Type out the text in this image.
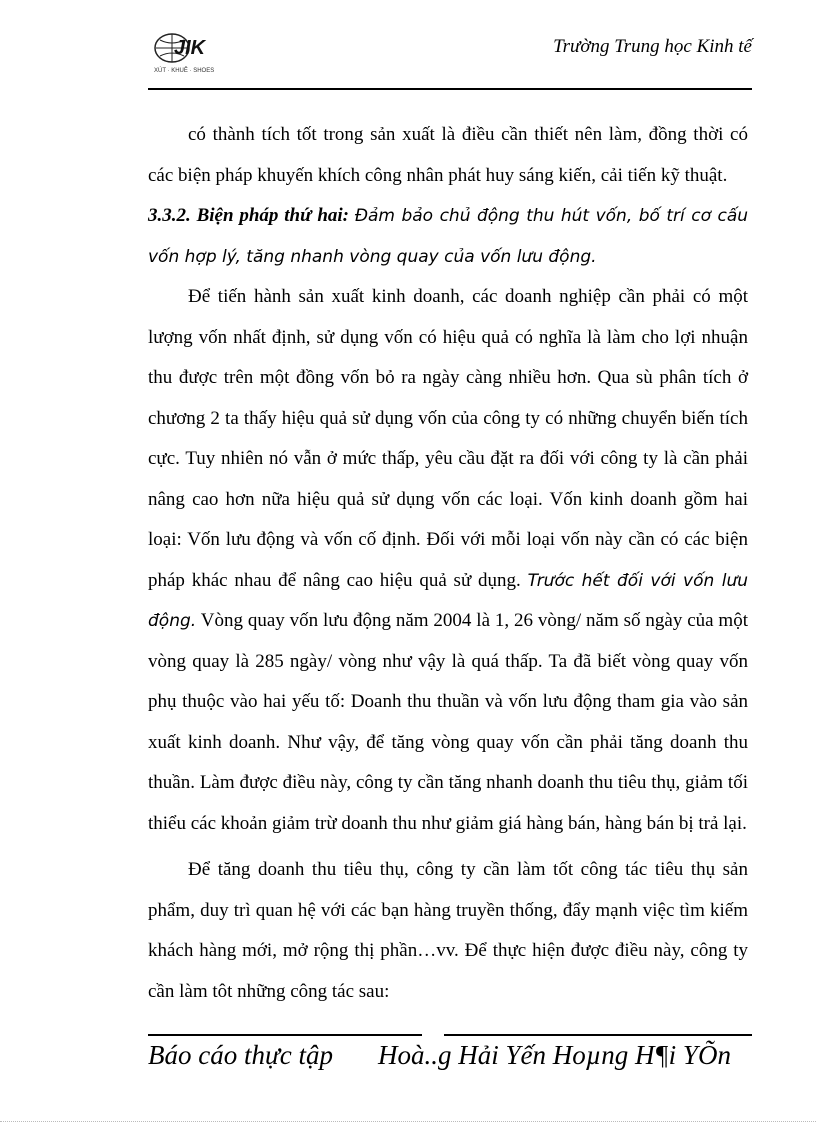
JIK
XÚT · KHUÊ · SHOES
Trường Trung học Kinh tế

có thành tích tốt trong sản xuất là điều cần thiết nên làm, đồng thời có các biện pháp khuyến khích công nhân phát huy sáng kiến, cải tiến kỹ thuật.

3.3.2. Biện pháp thứ hai: Đảm bảo chủ động thu hút vốn, bố trí cơ cấu vốn hợp lý, tăng nhanh vòng quay của vốn lưu động.

Để tiến hành sản xuất kinh doanh, các doanh nghiệp cần phải có một lượng vốn nhất định, sử dụng vốn có hiệu quả có nghĩa là làm cho lợi nhuận thu được trên một đồng vốn bỏ ra ngày càng nhiều hơn. Qua sù phân tích ở chương 2 ta thấy hiệu quả sử dụng vốn của công ty có những chuyển biến tích cực. Tuy nhiên nó vẫn ở mức thấp, yêu cầu đặt ra đối với công ty là cần phải nâng cao hơn nữa hiệu quả sử dụng vốn các loại. Vốn kinh doanh gồm hai loại: Vốn lưu động và vốn cố định. Đối với mỗi loại vốn này cần có các biện pháp khác nhau để nâng cao hiệu quả sử dụng. Trước hết đối với vốn lưu động. Vòng quay vốn lưu động năm 2004 là 1, 26 vòng/ năm số ngày của một vòng quay là 285 ngày/ vòng như vậy là quá thấp. Ta đã biết vòng quay vốn phụ thuộc vào hai yếu tố: Doanh thu thuần và vốn lưu động tham gia vào sản xuất kinh doanh. Như vậy, để tăng vòng quay vốn cần phải tăng doanh thu thuần. Làm được điều này, công ty cần tăng nhanh doanh thu tiêu thụ, giảm tối thiểu các khoản giảm trừ doanh thu như giảm giá hàng bán, hàng bán bị trả lại.

Để tăng doanh thu tiêu thụ, công ty cần làm tốt công tác tiêu thụ sản phẩm, duy trì quan hệ với các bạn hàng truyền thống, đẩy mạnh việc tìm kiếm khách hàng mới, mở rộng thị phần…vv. Để thực hiện được điều này, công ty cần làm tôt những công tác sau:

Báo cáo thực tập Hoà..g Hải Yến Hoµng H¶i YÕn
